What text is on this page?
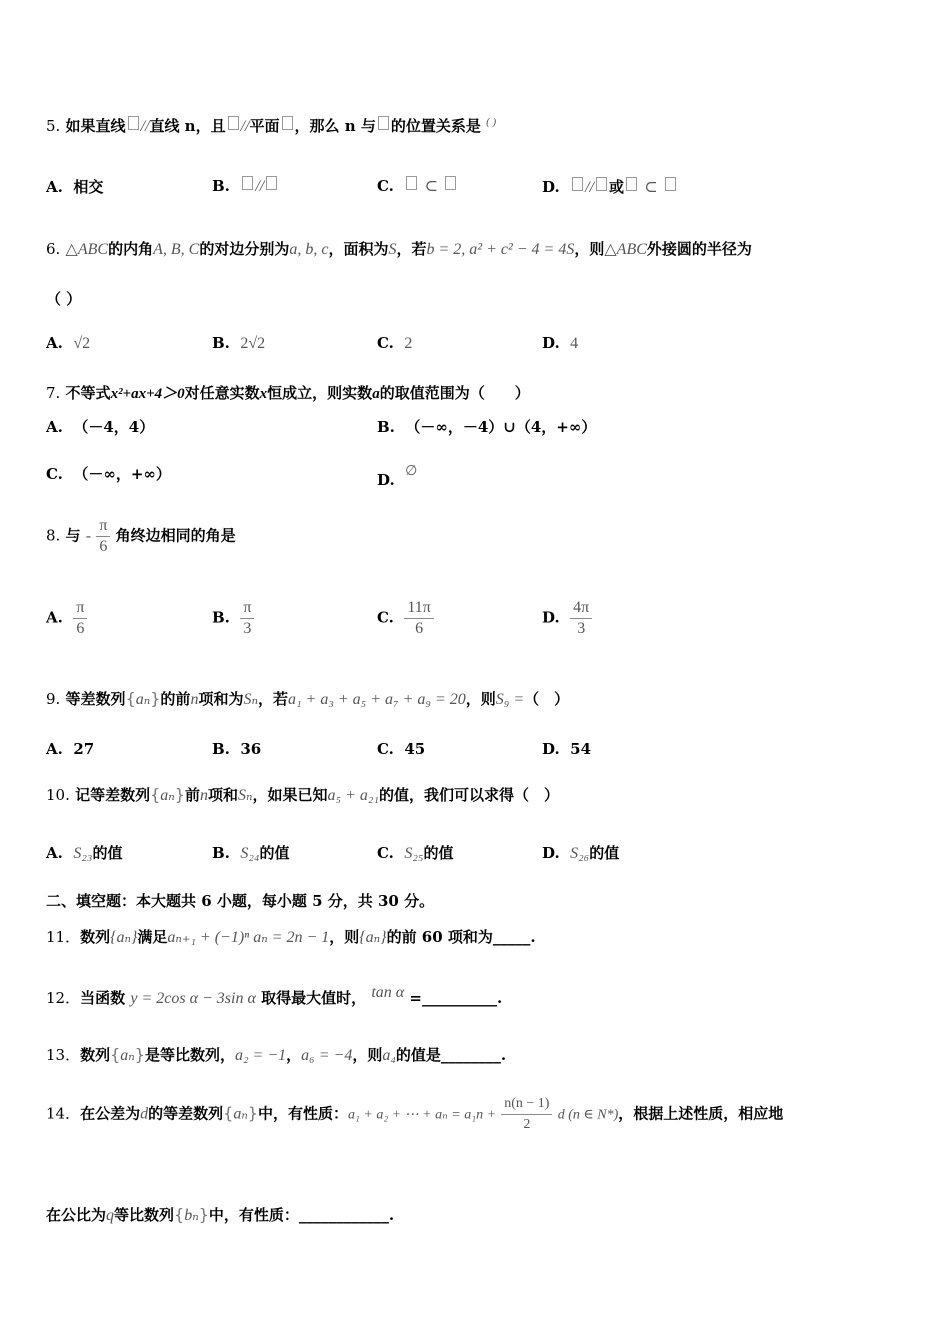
5. 如果直线 //直线 n，且 //平面 ，那么 n 与 的位置关系是 ( )
A. 相交	B. //	C. ⊂	D. // 或 ⊂
6. △ABC的内角A, B, C的对边分别为a, b, c，面积为S，若b = 2, a² + c² − 4 = 4S，则△ABC外接圆的半径为
（ ）
A. √2	B. 2√2	C. 2	D. 4
7. 不等式x²+ax+4＞0对任意实数x恒成立，则实数a的取值范围为（　　）
A. （－4，4）	B. （－∞，－4）∪（4，+∞）
C. （－∞，+∞）	D. ∅
8. 与 - $\frac{\pi}{6}$ 角终边相同的角是
A. $\frac{\pi}{6}$	B. $\frac{\pi}{3}$	C. $\frac{11\pi}{6}$	D. $\frac{4\pi}{3}$
9. 等差数列{aₙ}的前n项和为Sₙ，若a₁ + a₃ + a₅ + a₇ + a₉ = 20，则S₉ =（　）
A. 27	B. 36	C. 45	D. 54
10. 记等差数列{aₙ}前n项和Sₙ，如果已知a₅ + a₂₁的值，我们可以求得（　）
A. S₂₃的值	B. S₂₄的值	C. S₂₅的值	D. S₂₆的值
二、填空题：本大题共 6 小题，每小题 5 分，共 30 分。
11．数列{aₙ}满足aₙ₊₁ + (−1)ⁿ aₙ = 2n − 1，则{aₙ}的前 60 项和为_____.
12．当函数 y = 2cos α − 3sin α 取得最大值时， tan α =__________.
13．数列{aₙ}是等比数列，a₂ = −1，a₆ = −4，则a₄的值是________.
14．在公差为d的等差数列{aₙ}中，有性质：a₁ + a₂ + ⋯ + $a_n = a_1n + \frac{n(n - 1)}{2}$ d (n ∈ N*)，根据上述性质，相应地
在公比为q等比数列{bₙ}中，有性质：____________.
